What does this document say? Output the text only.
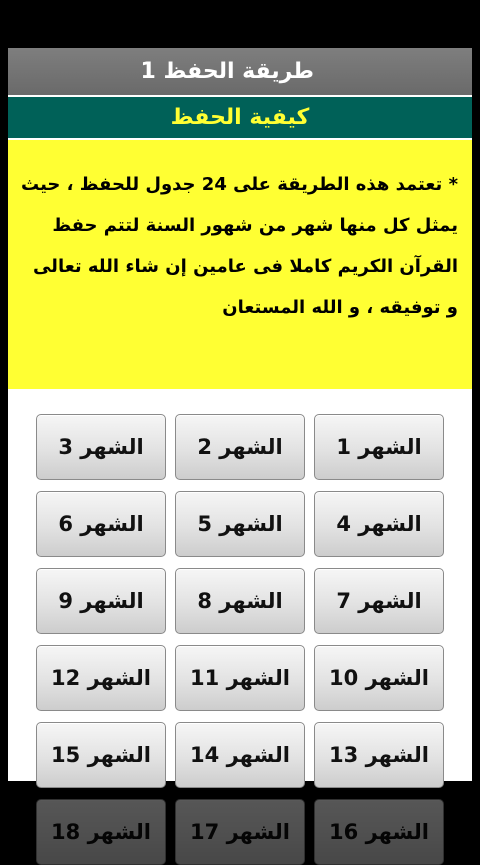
طريقة الحفظ 1
كيفية الحفظ

* تعتمد هذه الطريقة على 24 جدول للحفظ ، حيث يمثل كل منها شهر من شهور السنة لتتم حفظ القرآن الكريم كاملا فى عامين إن شاء الله تعالى و توفيقه ، و الله المستعان

الشهر 1
الشهر 2
الشهر 3
الشهر 4
الشهر 5
الشهر 6
الشهر 7
الشهر 8
الشهر 9
الشهر 10
الشهر 11
الشهر 12
الشهر 13
الشهر 14
الشهر 15
الشهر 16
الشهر 17
الشهر 18
